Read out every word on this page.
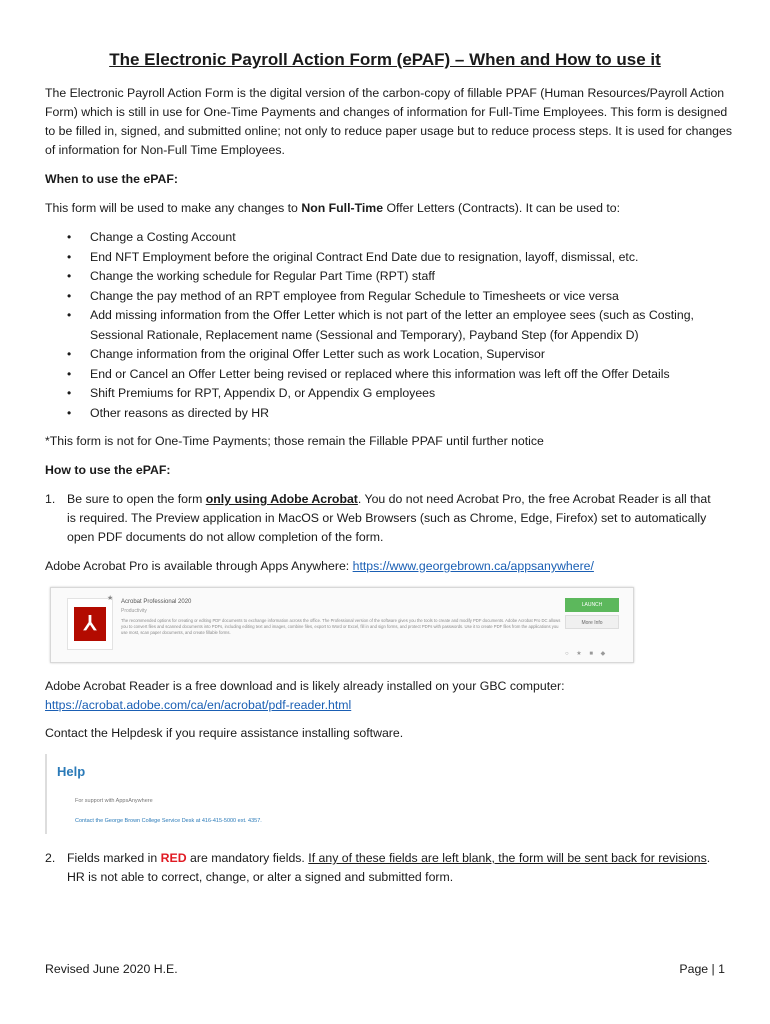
The Electronic Payroll Action Form (ePAF) – When and How to use it
The Electronic Payroll Action Form is the digital version of the carbon-copy of fillable PPAF (Human Resources/Payroll Action Form) which is still in use for One-Time Payments and changes of information for Full-Time Employees. This form is designed to be filled in, signed, and submitted online; not only to reduce paper usage but to reduce process steps. It is used for changes of information for Non-Full Time Employees.
When to use the ePAF:
This form will be used to make any changes to Non Full-Time Offer Letters (Contracts). It can be used to:
• Change a Costing Account
• End NFT Employment before the original Contract End Date due to resignation, layoff, dismissal, etc.
• Change the working schedule for Regular Part Time (RPT) staff
• Change the pay method of an RPT employee from Regular Schedule to Timesheets or vice versa
• Add missing information from the Offer Letter which is not part of the letter an employee sees (such as Costing, Sessional Rationale, Replacement name (Sessional and Temporary), Payband Step (for Appendix D)
• Change information from the original Offer Letter such as work Location, Supervisor
• End or Cancel an Offer Letter being revised or replaced where this information was left off the Offer Details
• Shift Premiums for RPT, Appendix D, or Appendix G employees
• Other reasons as directed by HR
*This form is not for One-Time Payments; those remain the Fillable PPAF until further notice
How to use the ePAF:
1. Be sure to open the form only using Adobe Acrobat. You do not need Acrobat Pro, the free Acrobat Reader is all that is required. The Preview application in MacOS or Web Browsers (such as Chrome, Edge, Firefox) set to automatically open PDF documents do not allow completion of the form.
Adobe Acrobat Pro is available through Apps Anywhere: https://www.georgebrown.ca/appsanywhere/
⅄
★ Acrobat Professional 2020
Productivity
The recommended options for creating or editing PDF documents to exchange information across the office. The Professional version of the software gives you the tools to create and modify PDF documents. Adobe Acrobat Pro DC allows you to convert files and scanned documents into PDFs, including editing text and images, combine files, export to Word or Excel, fill in and sign forms, and protect PDFs with passwords. Use it to create PDF files from the applications you use most, scan paper documents, and create fillable forms.
LAUNCH
More Info
○ ★ ■ ◆
Adobe Acrobat Reader is a free download and is likely already installed on your GBC computer:
https://acrobat.adobe.com/ca/en/acrobat/pdf-reader.html
Contact the Helpdesk if you require assistance installing software.
Help
For support with AppsAnywhere
Contact the George Brown College Service Desk at 416-415-5000 ext. 4357.
2. Fields marked in RED are mandatory fields. If any of these fields are left blank, the form will be sent back for revisions. HR is not able to correct, change, or alter a signed and submitted form.
Revised June 2020 H.E.	Page | 1
